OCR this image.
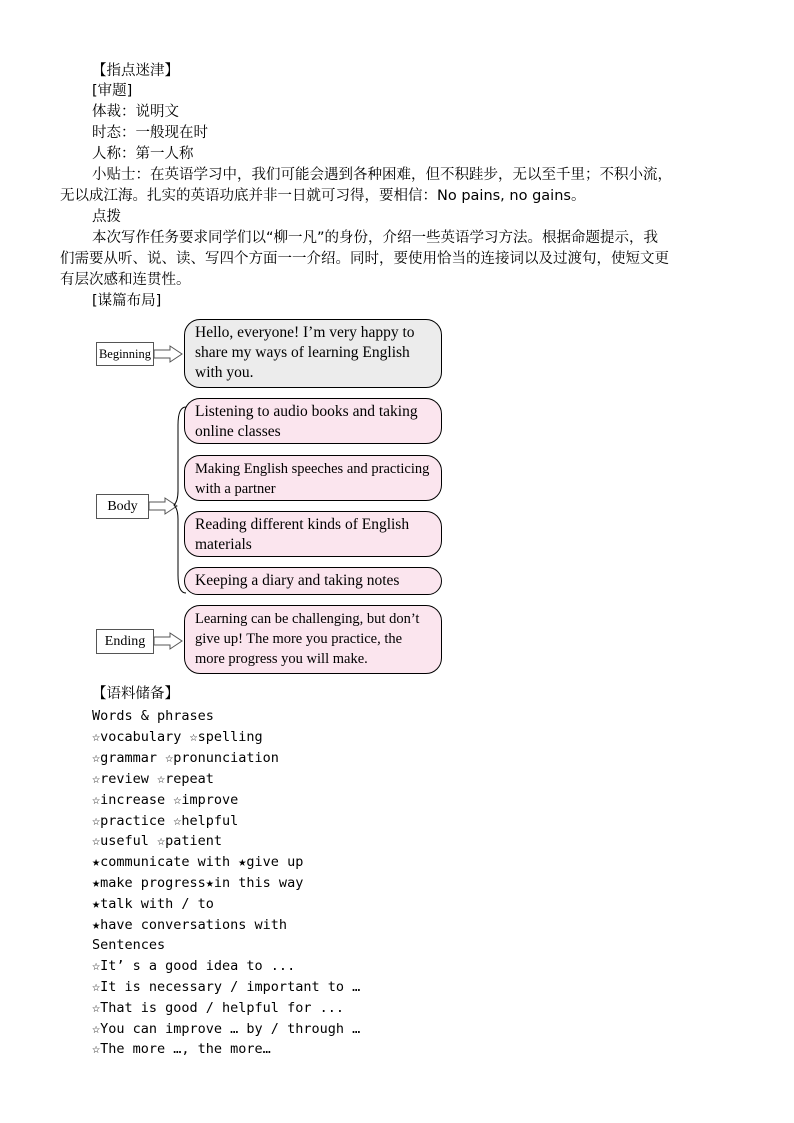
【指点迷津】
[审题]
体裁：说明文
时态：一般现在时
人称：第一人称
小贴士：在英语学习中，我们可能会遇到各种困难，但不积跬步，无以至千里；不积小流，
无以成江海。扎实的英语功底并非一日就可习得，要相信：No pains, no gains。
点拨
本次写作任务要求同学们以“柳一凡”的身份，介绍一些英语学习方法。根据命题提示，我
们需要从听、说、读、写四个方面一一介绍。同时，要使用恰当的连接词以及过渡句，使短文更
有层次感和连贯性。
[谋篇布局]
Beginning
Hello, everyone! I’m very happy to share my ways of learning English with you.
Body
Listening to audio books and taking online classes
Making English speeches and practicing with a partner
Reading different kinds of English materials
Keeping a diary and taking notes
Ending
Learning can be challenging, but don’t give up! The more you practice, the more progress you will make.
【语料储备】
Words & phrases
☆vocabulary ☆spelling
☆grammar ☆pronunciation
☆review ☆repeat
☆increase ☆improve
☆practice ☆helpful
☆useful ☆patient
★communicate with ★give up
★make progress★in this way
★talk with / to
★have conversations with
Sentences
☆It’ s a good idea to ...
☆It is necessary / important to …
☆That is good / helpful for ...
☆You can improve … by / through …
☆The more …, the more…
